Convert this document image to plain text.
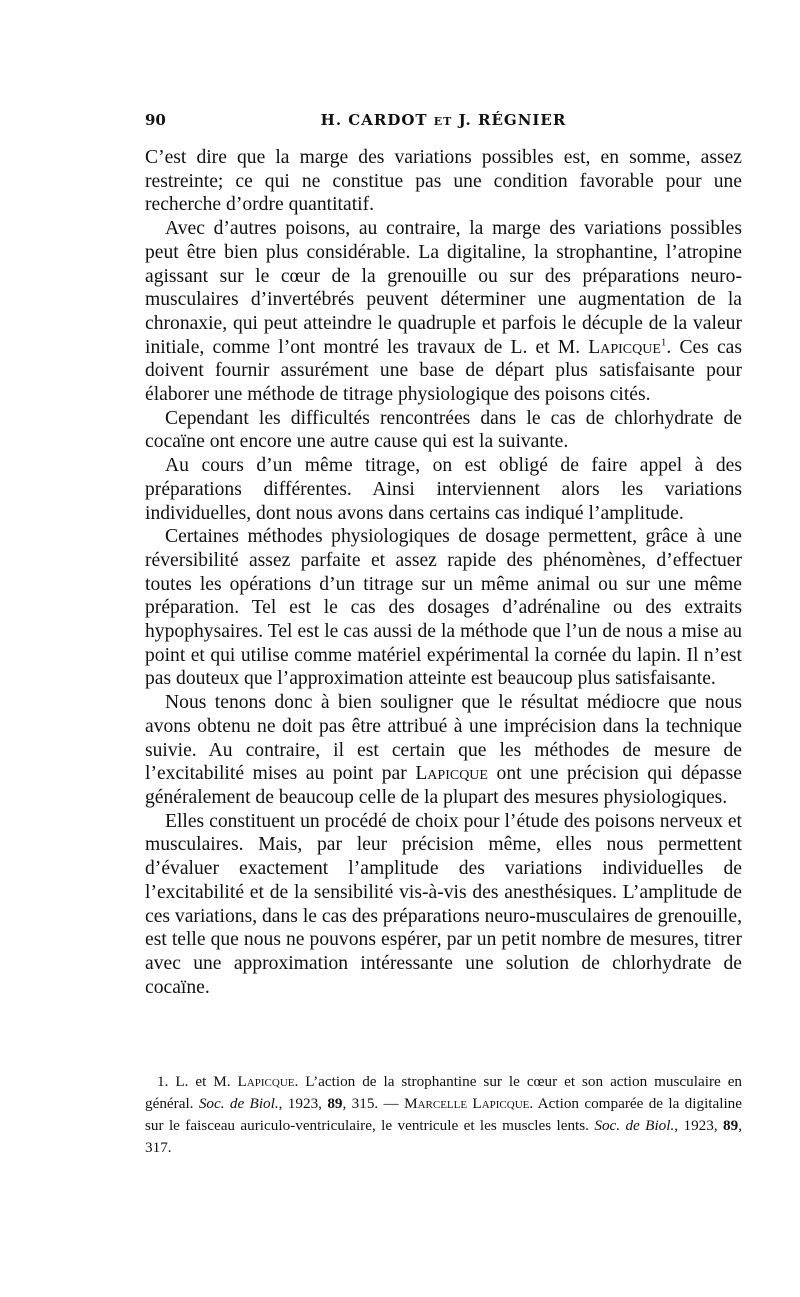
90	H. CARDOT et J. RÉGNIER

C’est dire que la marge des variations possibles est, en somme, assez restreinte; ce qui ne constitue pas une condition favorable pour une recherche d’ordre quantitatif.

Avec d’autres poisons, au contraire, la marge des variations possibles peut être bien plus considérable. La digitaline, la strophantine, l’atropine agissant sur le cœur de la grenouille ou sur des préparations neuro-musculaires d’invertébrés peuvent déterminer une augmentation de la chronaxie, qui peut atteindre le quadruple et parfois le décuple de la valeur initiale, comme l’ont montré les travaux de L. et M. Lapicque$^1$. Ces cas doivent fournir assurément une base de départ plus satisfaisante pour élaborer une méthode de titrage physiologique des poisons cités.

Cependant les difficultés rencontrées dans le cas de chlorhydrate de cocaïne ont encore une autre cause qui est la suivante.

Au cours d’un même titrage, on est obligé de faire appel à des préparations différentes. Ainsi interviennent alors les variations individuelles, dont nous avons dans certains cas indiqué l’amplitude.

Certaines méthodes physiologiques de dosage permettent, grâce à une réversibilité assez parfaite et assez rapide des phénomènes, d’effectuer toutes les opérations d’un titrage sur un même animal ou sur une même préparation. Tel est le cas des dosages d’adrénaline ou des extraits hypophysaires. Tel est le cas aussi de la méthode que l’un de nous a mise au point et qui utilise comme matériel expérimental la cornée du lapin. Il n’est pas douteux que l’approximation atteinte est beaucoup plus satisfaisante.

Nous tenons donc à bien souligner que le résultat médiocre que nous avons obtenu ne doit pas être attribué à une imprécision dans la technique suivie. Au contraire, il est certain que les méthodes de mesure de l’excitabilité mises au point par Lapicque ont une précision qui dépasse généralement de beaucoup celle de la plupart des mesures physiologiques.

Elles constituent un procédé de choix pour l’étude des poisons nerveux et musculaires. Mais, par leur précision même, elles nous permettent d’évaluer exactement l’amplitude des variations individuelles de l’excitabilité et de la sensibilité vis-à-vis des anesthésiques. L’amplitude de ces variations, dans le cas des préparations neuro-musculaires de grenouille, est telle que nous ne pouvons espérer, par un petit nombre de mesures, titrer avec une approximation intéressante une solution de chlorhydrate de cocaïne.

1. L. et M. Lapicque. L’action de la strophantine sur le cœur et son action musculaire en général. Soc. de Biol., 1923, 89, 315. — Marcelle Lapicque. Action comparée de la digitaline sur le faisceau auriculo-ventriculaire, le ventricule et les muscles lents. Soc. de Biol., 1923, 89, 317.
